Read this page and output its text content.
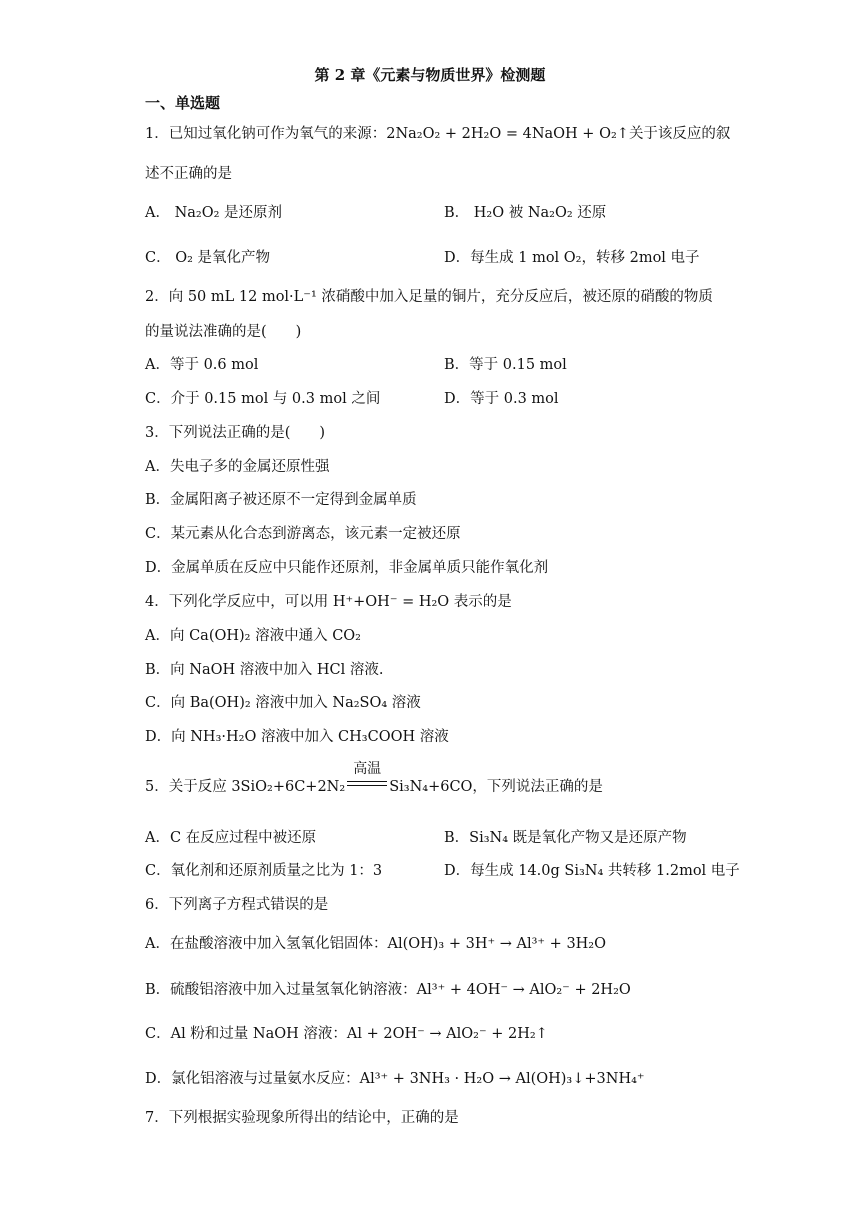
第 2 章《元素与物质世界》检测题
一、单选题
1．已知过氧化钠可作为氧气的来源：2Na₂O₂ + 2H₂O = 4NaOH + O₂↑关于该反应的叙
述不正确的是
A． Na₂O₂ 是还原剂	B． H₂O 被 Na₂O₂ 还原
C． O₂ 是氧化产物	D．每生成 1 mol O₂，转移 2mol 电子
2．向 50 mL 12 mol·L⁻¹ 浓硝酸中加入足量的铜片，充分反应后，被还原的硝酸的物质
的量说法准确的是(　　)
A．等于 0.6 mol	B．等于 0.15 mol
C．介于 0.15 mol 与 0.3 mol 之间	D．等于 0.3 mol
3．下列说法正确的是(　　)
A．失电子多的金属还原性强
B．金属阳离子被还原不一定得到金属单质
C．某元素从化合态到游离态，该元素一定被还原
D．金属单质在反应中只能作还原剂，非金属单质只能作氧化剂
4．下列化学反应中，可以用 H⁺+OH⁻ = H₂O 表示的是
A．向 Ca(OH)₂ 溶液中通入 CO₂
B．向 NaOH 溶液中加入 HCl 溶液.
C．向 Ba(OH)₂ 溶液中加入 Na₂SO₄ 溶液
D．向 NH₃·H₂O 溶液中加入 CH₃COOH 溶液
5．关于反应 3SiO₂+6C+2N₂
高温
Si₃N₄+6CO，下列说法正确的是
A．C 在反应过程中被还原	B．Si₃N₄ 既是氧化产物又是还原产物
C．氧化剂和还原剂质量之比为 1：3	D．每生成 14.0g Si₃N₄ 共转移 1.2mol 电子
6．下列离子方程式错误的是
A．在盐酸溶液中加入氢氧化铝固体：Al(OH)₃ + 3H⁺ → Al³⁺ + 3H₂O
B．硫酸铝溶液中加入过量氢氧化钠溶液：Al³⁺ + 4OH⁻ → AlO₂⁻ + 2H₂O
C．Al 粉和过量 NaOH 溶液：Al + 2OH⁻ → AlO₂⁻ + 2H₂↑
D．氯化铝溶液与过量氨水反应：Al³⁺ + 3NH₃ · H₂O → Al(OH)₃↓+3NH₄⁺
7．下列根据实验现象所得出的结论中，正确的是
